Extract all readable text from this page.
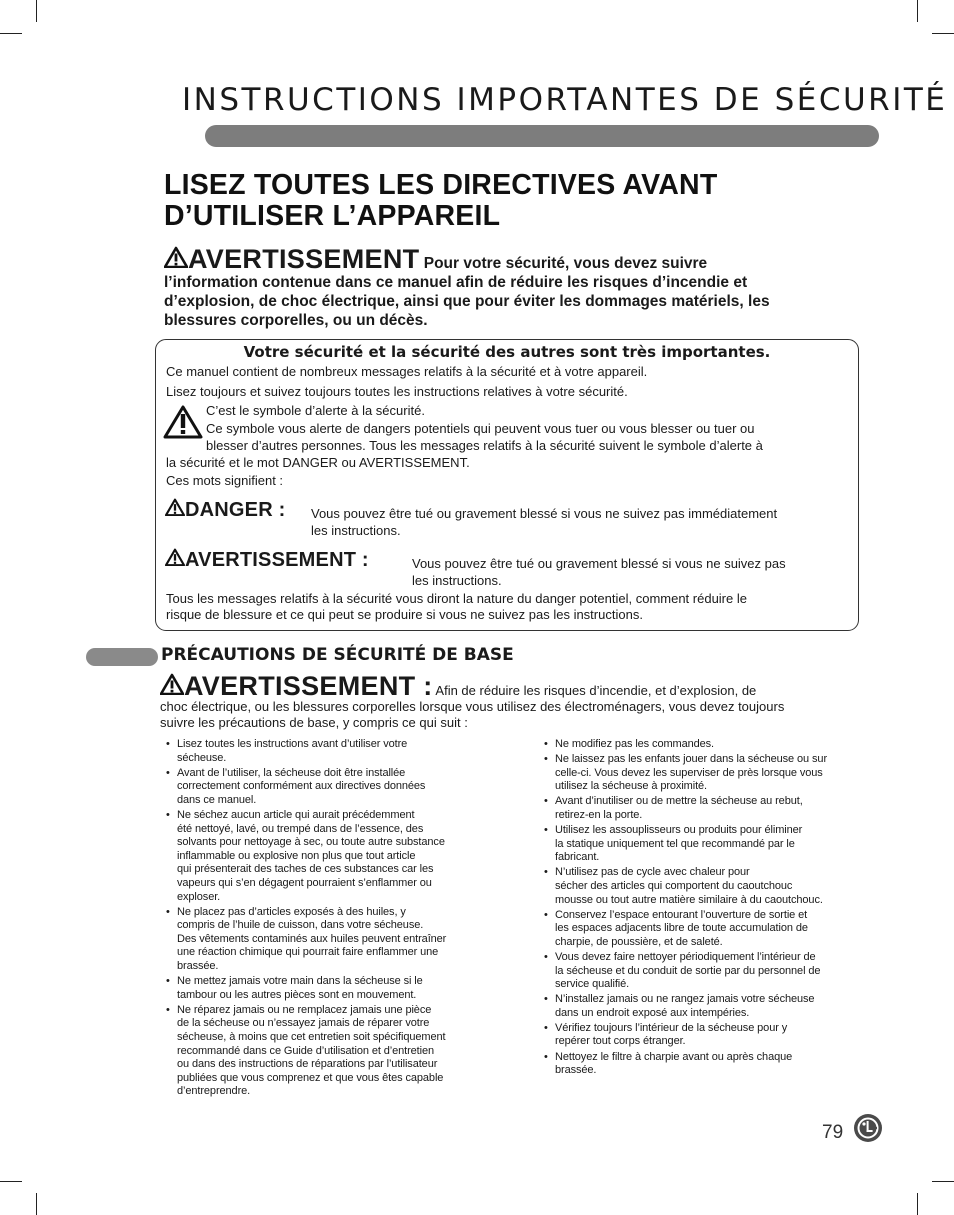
INSTRUCTIONS IMPORTANTES DE SÉCURITÉ
LISEZ TOUTES LES DIRECTIVES AVANT
D’UTILISER L’APPAREIL
AVERTISSEMENT Pour votre sécurité, vous devez suivre
l’information contenue dans ce manuel afin de réduire les risques d’incendie et
d’explosion, de choc électrique, ainsi que pour éviter les dommages matériels, les
blessures corporelles, ou un décès.
Votre sécurité et la sécurité des autres sont très importantes.
Ce manuel contient de nombreux messages relatifs à la sécurité et à votre appareil.
Lisez toujours et suivez toujours toutes les instructions relatives à votre sécurité.
C’est le symbole d’alerte à la sécurité.
Ce symbole vous alerte de dangers potentiels qui peuvent vous tuer ou vous blesser ou tuer ou
blesser d’autres personnes. Tous les messages relatifs à la sécurité suivent le symbole d’alerte à
la sécurité et le mot DANGER ou AVERTISSEMENT.
Ces mots signifient :
DANGER : Vous pouvez être tué ou gravement blessé si vous ne suivez pas immédiatement
les instructions.
AVERTISSEMENT :	Vous pouvez être tué ou gravement blessé si vous ne suivez pas
les instructions.
Tous les messages relatifs à la sécurité vous diront la nature du danger potentiel, comment réduire le
risque de blessure et ce qui peut se produire si vous ne suivez pas les instructions.
PRÉCAUTIONS DE SÉCURITÉ DE BASE
AVERTISSEMENT : Afin de réduire les risques d’incendie, et d’explosion, de
choc électrique, ou les blessures corporelles lorsque vous utilisez des électroménagers, vous devez toujours
suivre les précautions de base, y compris ce qui suit :
• Lisez toutes les instructions avant d’utiliser votre
sécheuse.
• Avant de l’utiliser, la sécheuse doit être installée
correctement conformément aux directives données
dans ce manuel.
• Ne séchez aucun article qui aurait précédemment
été nettoyé, lavé, ou trempé dans de l’essence, des
solvants pour nettoyage à sec, ou toute autre substance
inflammable ou explosive non plus que tout article
qui présenterait des taches de ces substances car les
vapeurs qui s’en dégagent pourraient s’enflammer ou
exploser.
• Ne placez pas d’articles exposés à des huiles, y
compris de l’huile de cuisson, dans votre sécheuse.
Des vêtements contaminés aux huiles peuvent entraîner
une réaction chimique qui pourrait faire enflammer une
brassée.
• Ne mettez jamais votre main dans la sécheuse si le
tambour ou les autres pièces sont en mouvement.
• Ne réparez jamais ou ne remplacez jamais une pièce
de la sécheuse ou n’essayez jamais de réparer votre
sécheuse, à moins que cet entretien soit spécifiquement
recommandé dans ce Guide d’utilisation et d’entretien
ou dans des instructions de réparations par l’utilisateur
publiées que vous comprenez et que vous êtes capable
d’entreprendre.
• Ne modifiez pas les commandes.
• Ne laissez pas les enfants jouer dans la sécheuse ou sur
celle-ci. Vous devez les superviser de près lorsque vous
utilisez la sécheuse à proximité.
• Avant d’inutiliser ou de mettre la sécheuse au rebut,
retirez-en la porte.
• Utilisez les assouplisseurs ou produits pour éliminer
la statique uniquement tel que recommandé par le
fabricant.
• N’utilisez pas de cycle avec chaleur pour
sécher des articles qui comportent du caoutchouc
mousse ou tout autre matière similaire à du caoutchouc.
• Conservez l’espace entourant l’ouverture de sortie et
les espaces adjacents libre de toute accumulation de
charpie, de poussière, et de saleté.
• Vous devez faire nettoyer périodiquement l’intérieur de
la sécheuse et du conduit de sortie par du personnel de
service qualifié.
• N’installez jamais ou ne rangez jamais votre sécheuse
dans un endroit exposé aux intempéries.
• Vérifiez toujours l’intérieur de la sécheuse pour y
repérer tout corps étranger.
• Nettoyez le filtre à charpie avant ou après chaque
brassée.
79
